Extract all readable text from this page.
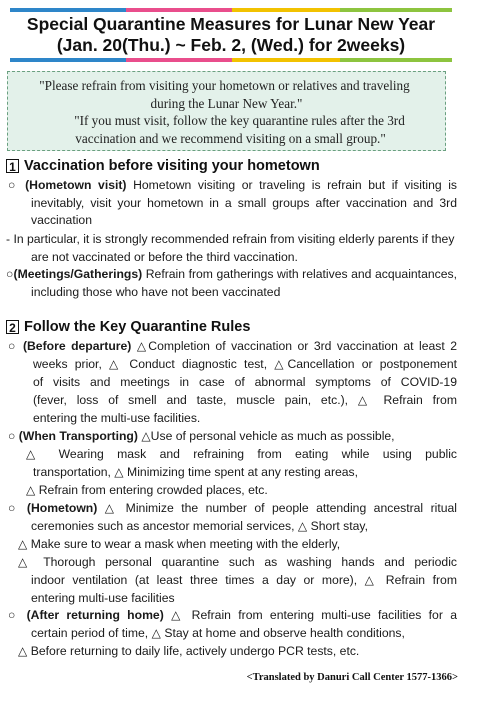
Special Quarantine Measures for Lunar New Year
(Jan. 20(Thu.) ~ Feb. 2, (Wed.) for 2weeks)
"Please refrain from visiting your hometown or relatives and traveling
during the Lunar New Year."
"If you must visit, follow the key quarantine rules after the 3rd
vaccination and we recommend visiting on a small group."
1 Vaccination before visiting your hometown
○ (Hometown visit) Hometown visiting or traveling is refrain but if visiting is
inevitably, visit your hometown in a small groups after vaccination and 3rd
vaccination
- In particular, it is strongly recommended refrain from visiting elderly parents if they
are not vaccinated or before the third vaccination.
○(Meetings/Gatherings) Refrain from gatherings with relatives and acquaintances,
including those who have not been vaccinated
2 Follow the Key Quarantine Rules
○ (Before departure) △Completion of vaccination or 3rd vaccination at least 2
weeks prior, △ Conduct diagnostic test, △Cancellation or postponement
of visits and meetings in case of abnormal symptoms of COVID-19
(fever, loss of smell and taste, muscle pain, etc.), △ Refrain from
entering the multi-use facilities.
○ (When Transporting) △Use of personal vehicle as much as possible,
△ Wearing mask and refraining from eating while using public
transportation, △ Minimizing time spent at any resting areas,
△ Refrain from entering crowded places, etc.
○ (Hometown) △ Minimize the number of people attending ancestral ritual
ceremonies such as ancestor memorial services, △ Short stay,
△ Make sure to wear a mask when meeting with the elderly,
△ Thorough personal quarantine such as washing hands and periodic
indoor ventilation (at least three times a day or more), △ Refrain from
entering multi-use facilities
○ (After returning home) △ Refrain from entering multi-use facilities for a
certain period of time, △ Stay at home and observe health conditions,
△ Before returning to daily life, actively undergo PCR tests, etc.
<Translated by Danuri Call Center 1577-1366>
